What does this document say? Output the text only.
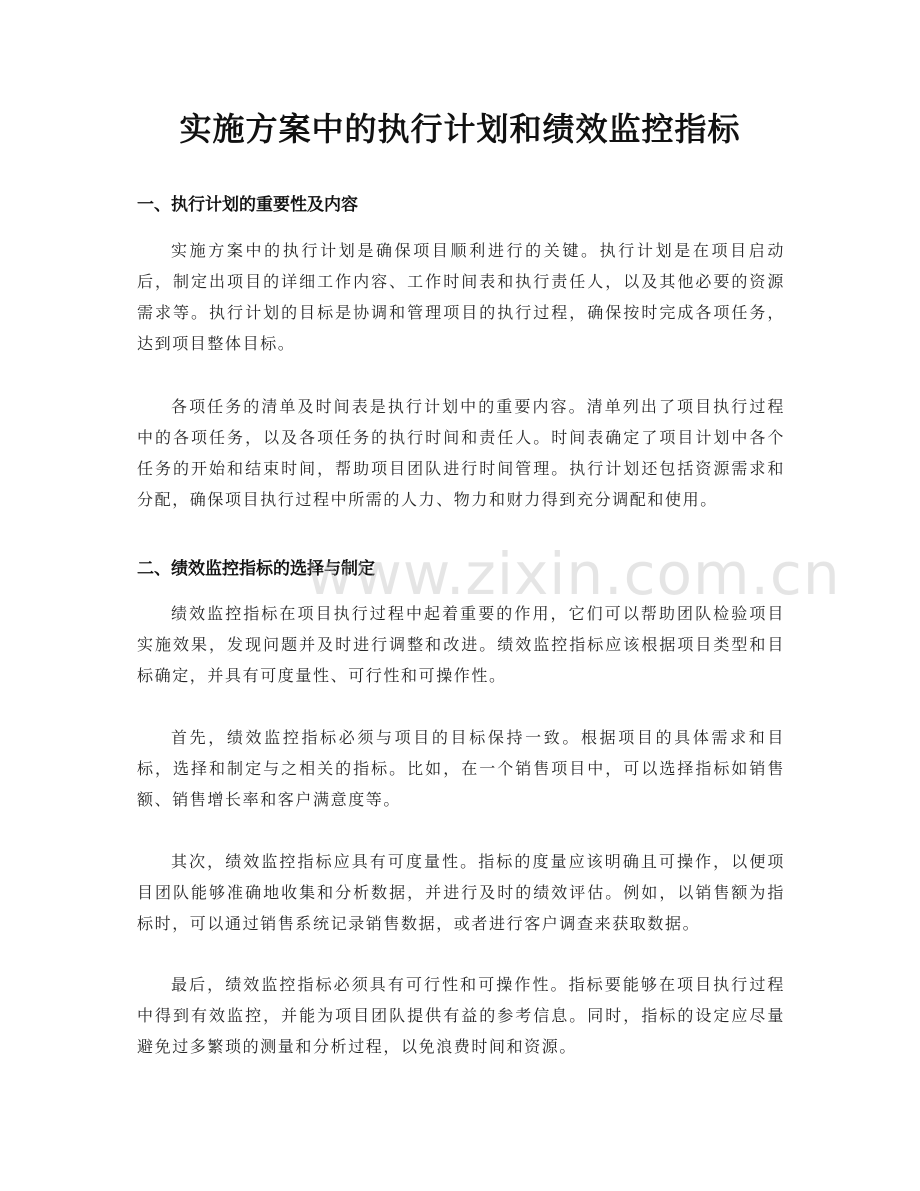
实施方案中的执行计划和绩效监控指标
一、执行计划的重要性及内容
实施方案中的执行计划是确保项目顺利进行的关键。执行计划是在项目启动后，制定出项目的详细工作内容、工作时间表和执行责任人，以及其他必要的资源需求等。执行计划的目标是协调和管理项目的执行过程，确保按时完成各项任务，达到项目整体目标。
各项任务的清单及时间表是执行计划中的重要内容。清单列出了项目执行过程中的各项任务，以及各项任务的执行时间和责任人。时间表确定了项目计划中各个任务的开始和结束时间，帮助项目团队进行时间管理。执行计划还包括资源需求和分配，确保项目执行过程中所需的人力、物力和财力得到充分调配和使用。
二、绩效监控指标的选择与制定
绩效监控指标在项目执行过程中起着重要的作用，它们可以帮助团队检验项目实施效果，发现问题并及时进行调整和改进。绩效监控指标应该根据项目类型和目标确定，并具有可度量性、可行性和可操作性。
首先，绩效监控指标必须与项目的目标保持一致。根据项目的具体需求和目标，选择和制定与之相关的指标。比如，在一个销售项目中，可以选择指标如销售额、销售增长率和客户满意度等。
其次，绩效监控指标应具有可度量性。指标的度量应该明确且可操作，以便项目团队能够准确地收集和分析数据，并进行及时的绩效评估。例如，以销售额为指标时，可以通过销售系统记录销售数据，或者进行客户调查来获取数据。
最后，绩效监控指标必须具有可行性和可操作性。指标要能够在项目执行过程中得到有效监控，并能为项目团队提供有益的参考信息。同时，指标的设定应尽量避免过多繁琐的测量和分析过程，以免浪费时间和资源。
www.zixin.com.cn
